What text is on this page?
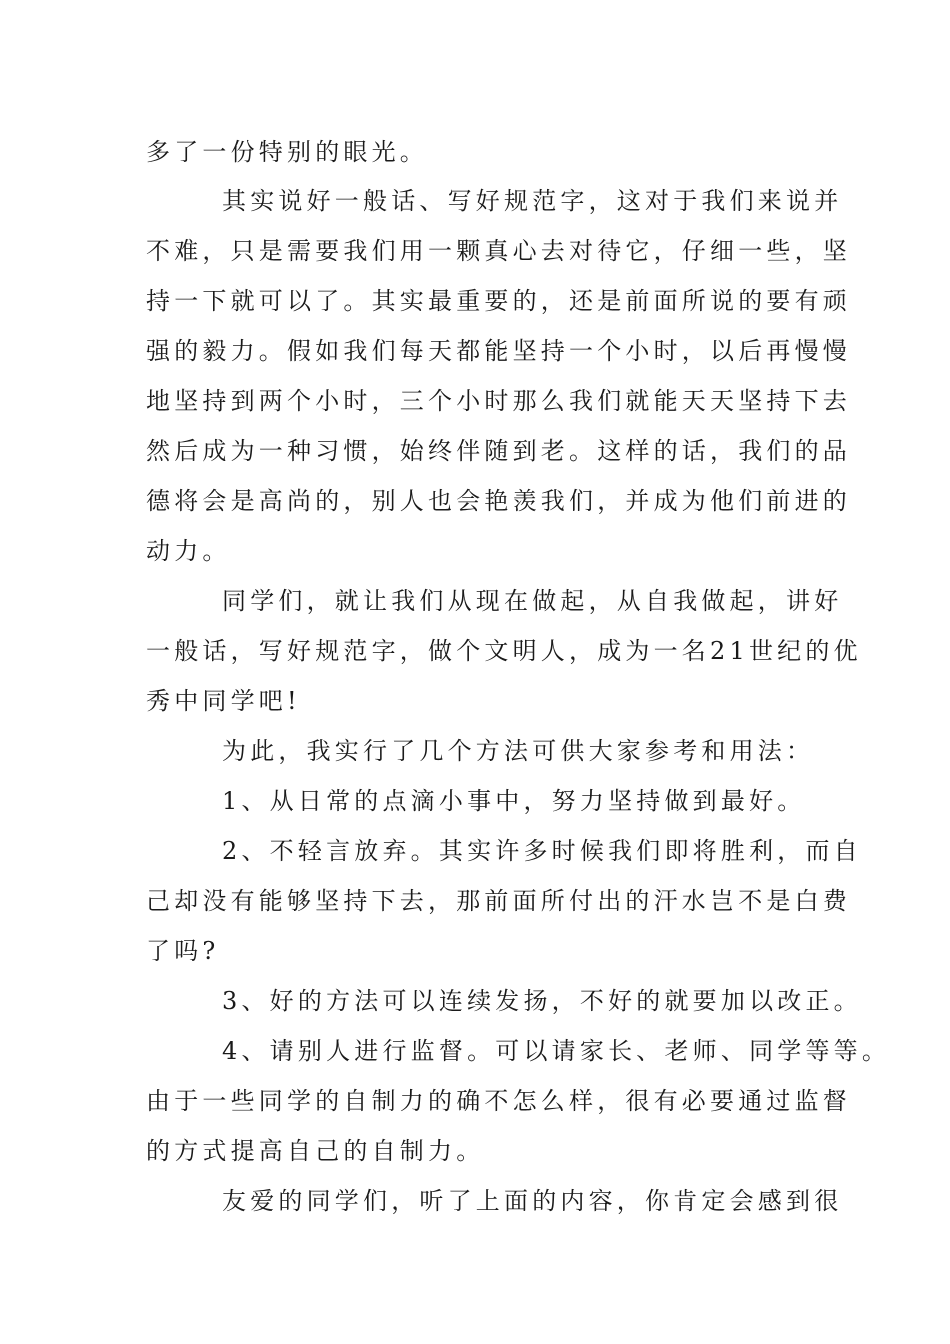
多了一份特别的眼光。
其实说好一般话、写好规范字，这对于我们来说并
不难，只是需要我们用一颗真心去对待它，仔细一些，坚
持一下就可以了。其实最重要的，还是前面所说的要有顽
强的毅力。假如我们每天都能坚持一个小时，以后再慢慢
地坚持到两个小时，三个小时那么我们就能天天坚持下去
然后成为一种习惯，始终伴随到老。这样的话，我们的品
德将会是高尚的，别人也会艳羡我们，并成为他们前进的
动力。
同学们，就让我们从现在做起，从自我做起，讲好
一般话，写好规范字，做个文明人，成为一名21世纪的优
秀中同学吧!
为此，我实行了几个方法可供大家参考和用法：
1、从日常的点滴小事中，努力坚持做到最好。
2、不轻言放弃。其实许多时候我们即将胜利，而自
己却没有能够坚持下去，那前面所付出的汗水岂不是白费
了吗?
3、好的方法可以连续发扬，不好的就要加以改正。
4、请别人进行监督。可以请家长、老师、同学等等。
由于一些同学的自制力的确不怎么样，很有必要通过监督
的方式提高自己的自制力。
友爱的同学们，听了上面的内容，你肯定会感到很
